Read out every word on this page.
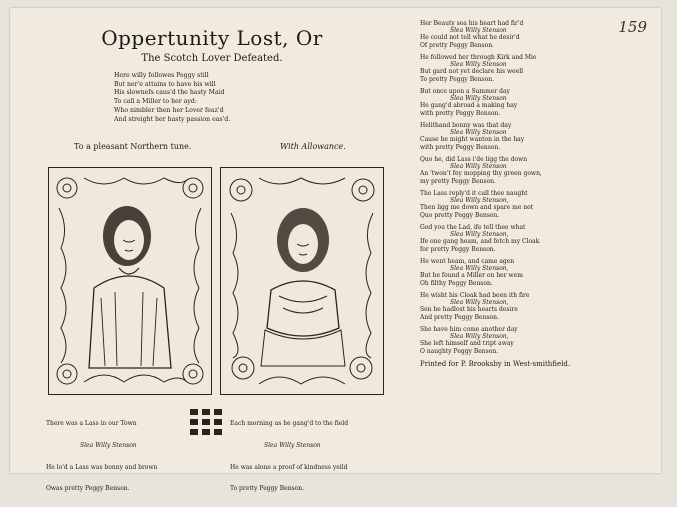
159
Oppertunity Lost, Or
The Scotch Lover Defeated.
Here willy followes Peggy still
But ner'e attains to have his will
His slownefs caus'd the hasty Maid
To call a Miller to her ayd:
Who nimbler then her Lover feaz'd
And streight her hasty passion eas'd.
To a pleasant Northern tune.	With Allowance.

There was a Lass in our Town

Slea Willy Stenson

He lo'd a Lass was bonny and brown

Owas pretty Peggy Benson.

Each morning as he gang'd to the field

Slea Willy Stenson

He was alone a proof of kindness yeild

To pretty Peggy Benson.

Her Beauty sea his heart had fir'd
Slea Willy Stenson
He could not tell what he desir'd
Of pretty Peggy Benson.
He followed her through Kirk and Mie
Slea Willy Stenson
But gard not yet declare his weell
To pretty Peggy Benson.
But once upon a Summer day
Slea Willy Stenson
He gang'd abroad a making hay
with pretty Peggy Benson.
Helithand bonny was that day
Slea Willy Stenson
Cause he might wanton in the hay
with pretty Peggy Benson.
Quo he, did Lass i'de ligg the down
Slea Willy Stenson
An 'twon't fey mopping thy green gown,
my pretty Peggy Benson.
The Lass reply'd it call thee naught
Slea Willy Stenson,
Then ligg me down and spare me not
Quo pretty Peggy Benson.
God you the Lad, ife tell thee what
Slea Willy Stenson,
Ife one gang heam, and fetch my Cloak
for pretty Peggy Benson.
He went heam, and came agen
Slea Willy Stenson,
But he found a Miller on her wem
Oh filthy Peggy Benson.
He wisht his Cloak had been ith fire
Slea Willy Stenson,
Sen he hadlost his hearts desire
And pretty Peggy Benson.
She have him come another day
Slea Willy Stenson,
She left himself and tript away
O naughty Peggy Benson.
Printed for P. Brooksby in West-smithfield.
